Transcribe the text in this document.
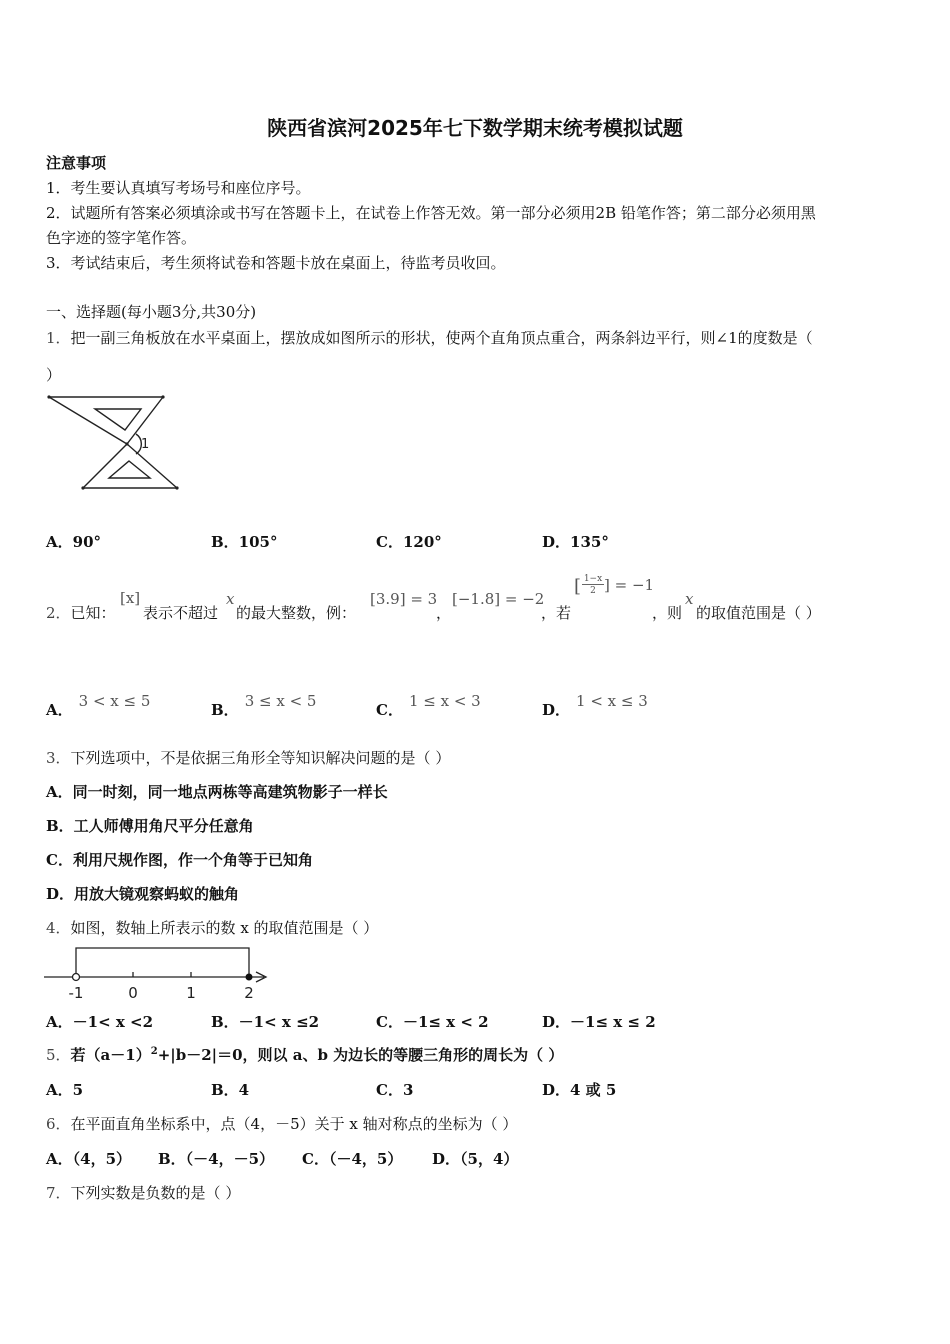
陕西省滨河2025年七下数学期末统考模拟试题
注意事项
1．考生要认真填写考场号和座位序号。
2．试题所有答案必须填涂或书写在答题卡上，在试卷上作答无效。第一部分必须用2B 铅笔作答；第二部分必须用黑
色字迹的签字笔作答。
3．考试结束后，考生须将试卷和答题卡放在桌面上，待监考员收回。
一、选择题(每小题3分,共30分)
1．把一副三角板放在水平桌面上，摆放成如图所示的形状，使两个直角顶点重合，两条斜边平行，则∠1的度数是（
）
1
A．90°	B．105°	C．120°	D．135°
2．已知：
[x]
表示不超过
x
的最大整数，例：
[3.9] = 3
，
[−1.8] = −2
，若
[ 1−x
2 ] = −1
，则
x
的取值范围是（ ）
A． 3 < x ≤ 5	B． 3 ≤ x < 5	C． 1 ≤ x < 3	D． 1 < x ≤ 3
3．下列选项中，不是依据三角形全等知识解决问题的是（ ）
A．同一时刻，同一地点两栋等高建筑物影子一样长
B．工人师傅用角尺平分任意角
C．利用尺规作图，作一个角等于已知角
D．用放大镜观察蚂蚁的触角
4．如图，数轴上所表示的数 x 的取值范围是（ ）
-1	0	1	2
A．－1< x <2	B．－1< x ≤2	C．－1≤ x < 2	D．－1≤ x ≤ 2
5．若$(a-1)^2+|b-2|=0$，则以 a、b 为边长的等腰三角形的周长为（ ）
A．5	B．4	C．3	D．4 或 5
6．在平面直角坐标系中，点（4，－5）关于 x 轴对称点的坐标为（ ）
A．（4，5） B．（－4，－5） C．（－4，5） D．（5，4）
7．下列实数是负数的是（ ）
